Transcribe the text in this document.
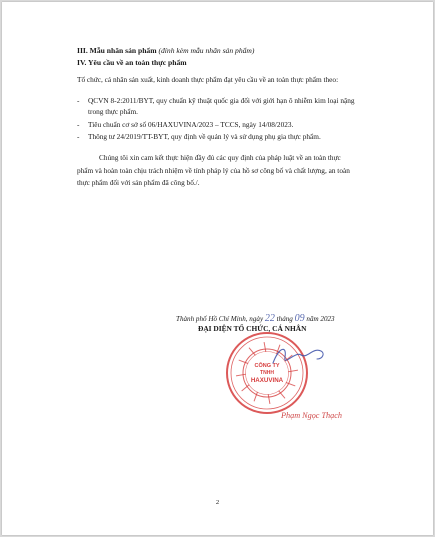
III. Mẫu nhãn sản phẩm (đính kèm mẫu nhãn sản phẩm)
IV. Yêu cầu về an toàn thực phẩm
Tổ chức, cá nhân sản xuất, kinh doanh thực phẩm đạt yêu cầu về an toàn thực phẩm theo:
- QCVN 8-2:2011/BYT, quy chuẩn kỹ thuật quốc gia đối với giới hạn ô nhiễm kim loại nặng trong thực phẩm.
- Tiêu chuẩn cơ sở số 06/HAXUVINA/2023 – TCCS, ngày 14/08/2023.
- Thông tư 24/2019/TT-BYT, quy định về quản lý và sử dụng phụ gia thực phẩm.
Chúng tôi xin cam kết thực hiện đầy đủ các quy định của pháp luật về an toàn thực phẩm và hoàn toàn chịu trách nhiệm về tính pháp lý của hồ sơ công bố và chất lượng, an toàn thực phẩm đối với sản phẩm đã công bố./.
Thành phố Hồ Chí Minh, ngày 22 tháng 09 năm 2023
ĐẠI DIỆN TỔ CHỨC, CÁ NHÂN
CÔNG TY
TNHH
HAXUVINA
Phạm Ngọc Thạch
2
